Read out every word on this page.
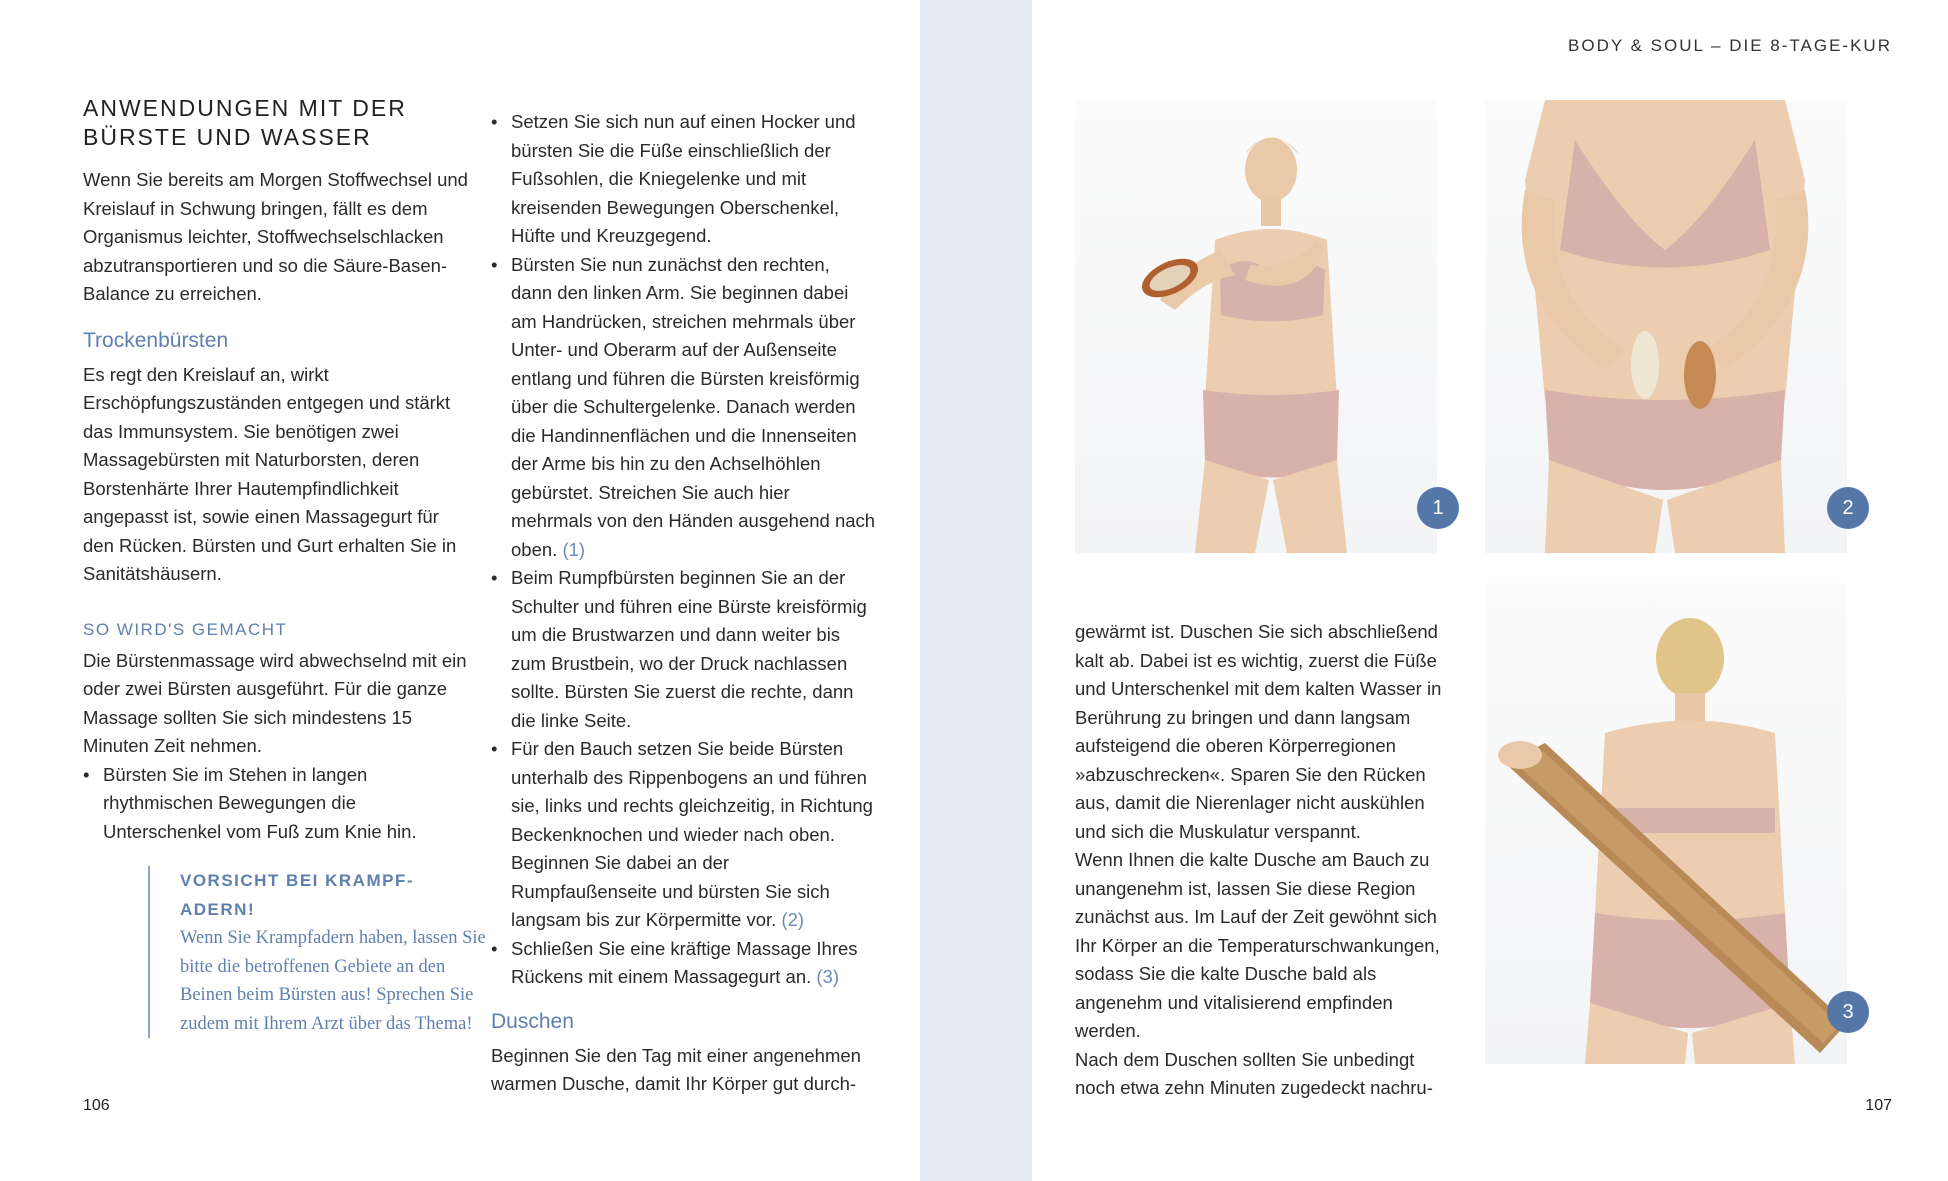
ANWENDUNGEN MIT DER
BÜRSTE UND WASSER

Wenn Sie bereits am Morgen Stoffwechsel und Kreislauf in Schwung bringen, fällt es dem Organismus leichter, Stoffwechselschlacken abzutransportieren und so die Säure-Basen-Balance zu erreichen.

Trockenbürsten

Es regt den Kreislauf an, wirkt Erschöpfungszuständen entgegen und stärkt das Immunsystem. Sie benötigen zwei Massagebürsten mit Naturborsten, deren Borstenhärte Ihrer Hautempfindlichkeit angepasst ist, sowie einen Massagegurt für den Rücken. Bürsten und Gurt erhalten Sie in Sanitätshäusern.

SO WIRD'S GEMACHT

Die Bürstenmassage wird abwechselnd mit ein oder zwei Bürsten ausgeführt. Für die ganze Massage sollten Sie sich mindestens 15 Minuten Zeit nehmen.

• Bürsten Sie im Stehen in langen rhythmischen Bewegungen die Unterschenkel vom Fuß zum Knie hin.

VORSICHT BEI KRAMPF-
ADERN!

Wenn Sie Krampfadern haben, lassen Sie bitte die betroffenen Gebiete an den Beinen beim Bürsten aus! Sprechen Sie zudem mit Ihrem Arzt über das Thema!

• Setzen Sie sich nun auf einen Hocker und bürsten Sie die Füße einschließlich der Fußsohlen, die Kniegelenke und mit kreisenden Bewegungen Oberschenkel, Hüfte und Kreuzgegend.
• Bürsten Sie nun zunächst den rechten, dann den linken Arm. Sie beginnen dabei am Handrücken, streichen mehrmals über Unter- und Oberarm auf der Außenseite entlang und führen die Bürsten kreisförmig über die Schultergelenke. Danach werden die Handinnenflächen und die Innenseiten der Arme bis hin zu den Achselhöhlen gebürstet. Streichen Sie auch hier mehrmals von den Händen ausgehend nach oben. (1)
• Beim Rumpfbürsten beginnen Sie an der Schulter und führen eine Bürste kreisförmig um die Brustwarzen und dann weiter bis zum Brustbein, wo der Druck nachlassen sollte. Bürsten Sie zuerst die rechte, dann die linke Seite.
• Für den Bauch setzen Sie beide Bürsten unterhalb des Rippenbogens an und führen sie, links und rechts gleichzeitig, in Richtung Beckenknochen und wieder nach oben. Beginnen Sie dabei an der Rumpfaußenseite und bürsten Sie sich langsam bis zur Körpermitte vor. (2)
• Schließen Sie eine kräftige Massage Ihres Rückens mit einem Massagegurt an. (3)
Duschen

Beginnen Sie den Tag mit einer angenehmen warmen Dusche, damit Ihr Körper gut durch-

106
BODY & SOUL – DIE 8-TAGE-KUR
1	2

gewärmt ist. Duschen Sie sich abschließend kalt ab. Dabei ist es wichtig, zuerst die Füße und Unterschenkel mit dem kalten Wasser in Berührung zu bringen und dann langsam aufsteigend die oberen Körperregionen »abzuschrecken«. Sparen Sie den Rücken aus, damit die Nierenlager nicht auskühlen und sich die Muskulatur verspannt.

Wenn Ihnen die kalte Dusche am Bauch zu unangenehm ist, lassen Sie diese Region zunächst aus. Im Lauf der Zeit gewöhnt sich Ihr Körper an die Temperaturschwankungen, sodass Sie die kalte Dusche bald als angenehm und vitalisierend empfinden werden.

Nach dem Duschen sollten Sie unbedingt noch etwa zehn Minuten zugedeckt nachru-

3
107
